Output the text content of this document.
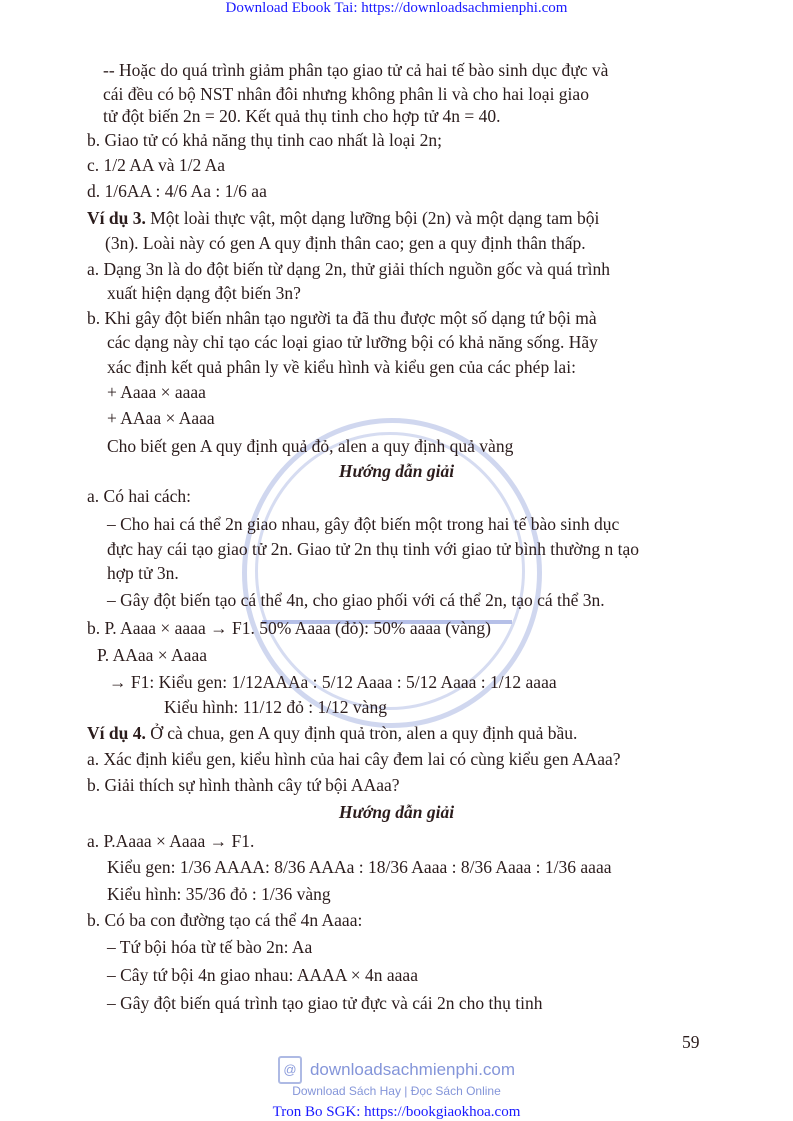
Download Ebook Tai: https://downloadsachmienphi.com
@ downloadsachmienphi.com
Download Sách Hay | Đọc Sách Online
-- Hoặc do quá trình giảm phân tạo giao tử cả hai tế bào sinh dục đực và
cái đều có bộ NST nhân đôi nhưng không phân li và cho hai loại giao
tử đột biến 2n = 20. Kết quả thụ tinh cho hợp tử 4n = 40.
b. Giao tử có khả năng thụ tinh cao nhất là loại 2n;
c. 1/2 AA và 1/2 Aa
d. 1/6AA : 4/6 Aa : 1/6 aa
Ví dụ 3. Một loài thực vật, một dạng lưỡng bội (2n) và một dạng tam bội
(3n). Loài này có gen A quy định thân cao; gen a quy định thân thấp.
a. Dạng 3n là do đột biến từ dạng 2n, thử giải thích nguồn gốc và quá trình
xuất hiện dạng đột biến 3n?
b. Khi gây đột biến nhân tạo người ta đã thu được một số dạng tứ bội mà
các dạng này chỉ tạo các loại giao tử lưỡng bội có khả năng sống. Hãy
xác định kết quả phân ly về kiểu hình và kiểu gen của các phép lai:
+ Aaaa × aaaa
+ AAaa × Aaaa
Cho biết gen A quy định quả đỏ, alen a quy định quả vàng
Hướng dẫn giải
a. Có hai cách:
– Cho hai cá thể 2n giao nhau, gây đột biến một trong hai tế bào sinh dục
đực hay cái tạo giao tử 2n. Giao tử 2n thụ tinh với giao tử bình thường n tạo
hợp tử 3n.
– Gây đột biến tạo cá thể 4n, cho giao phối với cá thể 2n, tạo cá thể 3n.
b. P. Aaaa × aaaa → F1. 50% Aaaa (đỏ): 50% aaaa (vàng)
P. AAaa × Aaaa
→ F1: Kiểu gen: 1/12AAAa : 5/12 Aaaa : 5/12 Aaaa : 1/12 aaaa
Kiểu hình: 11/12 đỏ : 1/12 vàng
Ví dụ 4. Ở cà chua, gen A quy định quả tròn, alen a quy định quả bầu.
a. Xác định kiểu gen, kiểu hình của hai cây đem lai có cùng kiểu gen AAaa?
b. Giải thích sự hình thành cây tứ bội AAaa?
Hướng dẫn giải
a. P.Aaaa × Aaaa → F1.
Kiểu gen: 1/36 AAAA: 8/36 AAAa : 18/36 Aaaa : 8/36 Aaaa : 1/36 aaaa
Kiểu hình: 35/36 đỏ : 1/36 vàng
b. Có ba con đường tạo cá thể 4n Aaaa:
– Tứ bội hóa từ tế bào 2n: Aa
– Cây tứ bội 4n giao nhau: AAAA × 4n aaaa
– Gây đột biến quá trình tạo giao tử đực và cái 2n cho thụ tinh
59
Tron Bo SGK: https://bookgiaokhoa.com
